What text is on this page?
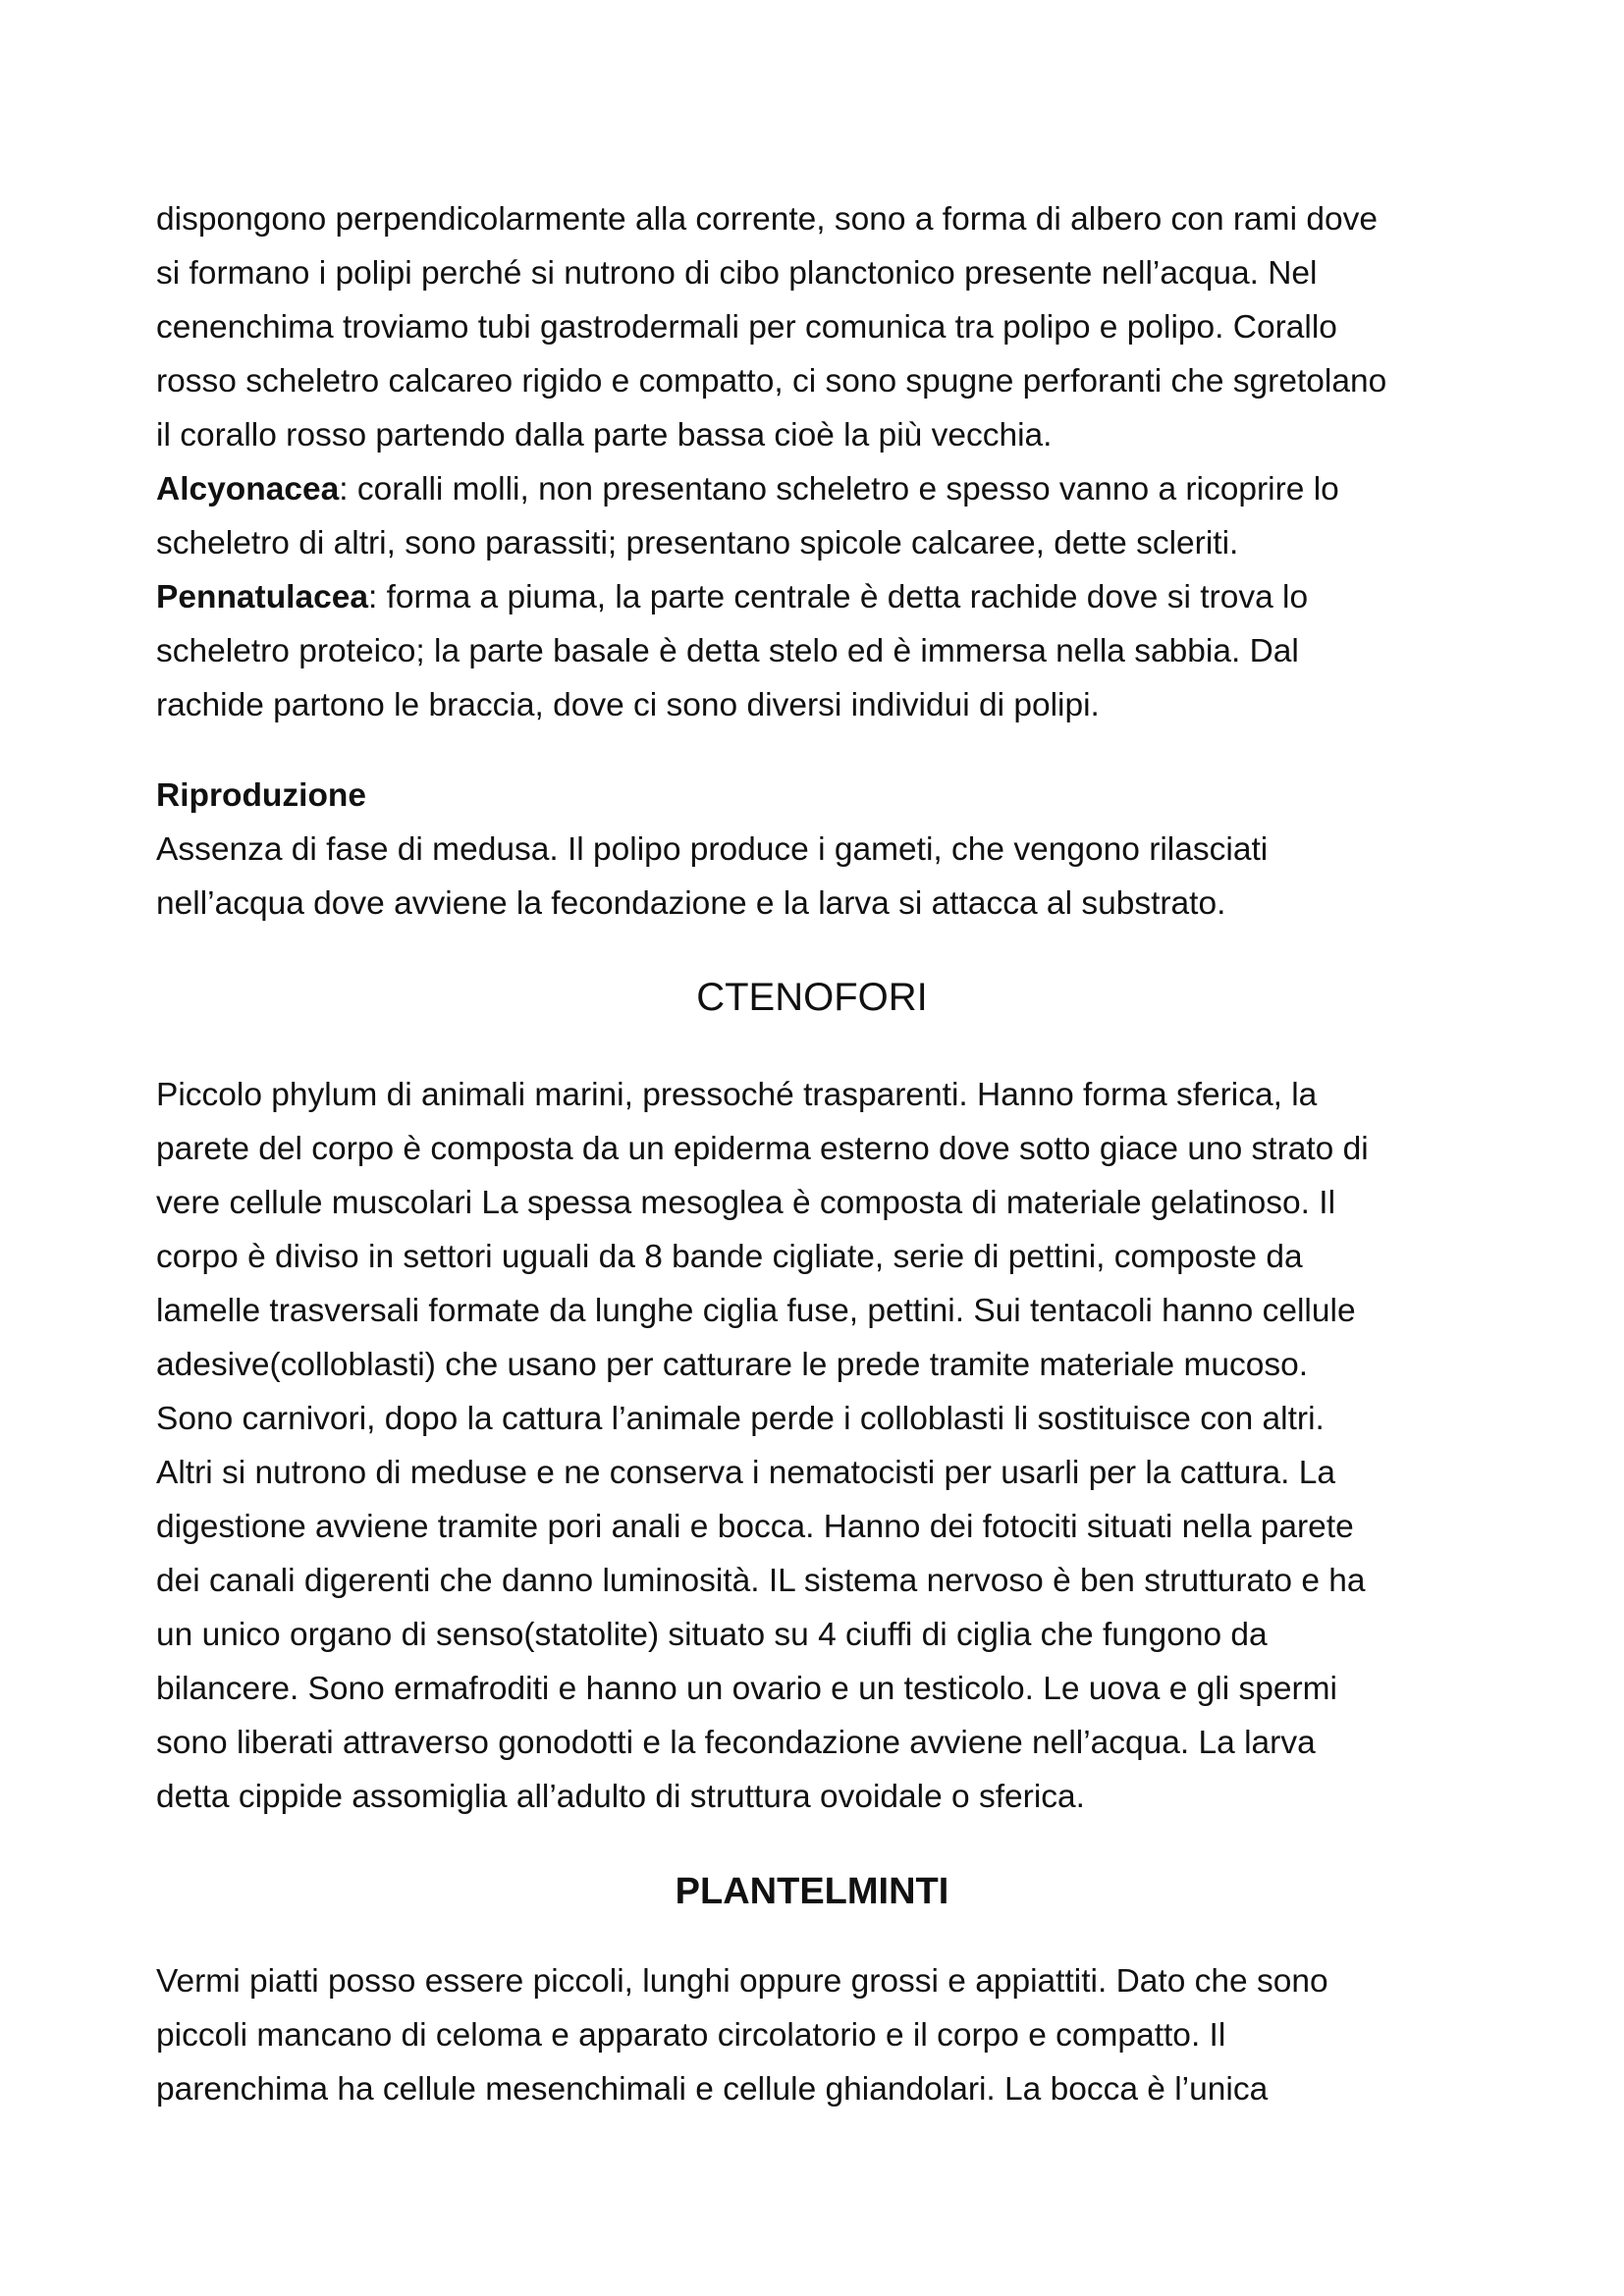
dispongono perpendicolarmente alla corrente, sono a forma di albero con rami dove
si formano i polipi perché si nutrono di cibo planctonico presente nell’acqua. Nel
cenenchima troviamo tubi gastrodermali per comunica tra polipo e polipo. Corallo
rosso scheletro calcareo rigido e compatto, ci sono spugne perforanti che sgretolano
il corallo rosso partendo dalla parte bassa cioè la più vecchia.
Alcyonacea: coralli molli, non presentano scheletro e spesso vanno a ricoprire lo
scheletro di altri, sono parassiti; presentano spicole calcaree, dette scleriti.
Pennatulacea: forma a piuma, la parte centrale è detta rachide dove si trova lo
scheletro proteico; la parte basale è detta stelo ed è immersa nella sabbia. Dal
rachide partono le braccia, dove ci sono diversi individui di polipi.
Riproduzione
Assenza di fase di medusa. Il polipo produce i gameti, che vengono rilasciati
nell’acqua dove avviene la fecondazione e la larva si attacca al substrato.
CTENOFORI
Piccolo phylum di animali marini, pressoché trasparenti. Hanno forma sferica, la
parete del corpo è composta da un epiderma esterno dove sotto giace uno strato di
vere cellule muscolari La spessa mesoglea è composta di materiale gelatinoso. Il
corpo è diviso in settori uguali da 8 bande cigliate, serie di pettini, composte da
lamelle trasversali formate da lunghe ciglia fuse, pettini. Sui tentacoli hanno cellule
adesive(colloblasti) che usano per catturare le prede tramite materiale mucoso.
Sono carnivori, dopo la cattura l’animale perde i colloblasti li sostituisce con altri.
Altri si nutrono di meduse e ne conserva i nematocisti per usarli per la cattura. La
digestione avviene tramite pori anali e bocca. Hanno dei fotociti situati nella parete
dei canali digerenti che danno luminosità. IL sistema nervoso è ben strutturato e ha
un unico organo di senso(statolite) situato su 4 ciuffi di ciglia che fungono da
bilancere. Sono ermafroditi e hanno un ovario e un testicolo. Le uova e gli spermi
sono liberati attraverso gonodotti e la fecondazione avviene nell’acqua. La larva
detta cippide assomiglia all’adulto di struttura ovoidale o sferica.
PLANTELMINTI
Vermi piatti posso essere piccoli, lunghi oppure grossi e appiattiti. Dato che sono
piccoli mancano di celoma e apparato circolatorio e il corpo e compatto. Il
parenchima ha cellule mesenchimali e cellule ghiandolari. La bocca è l’unica
